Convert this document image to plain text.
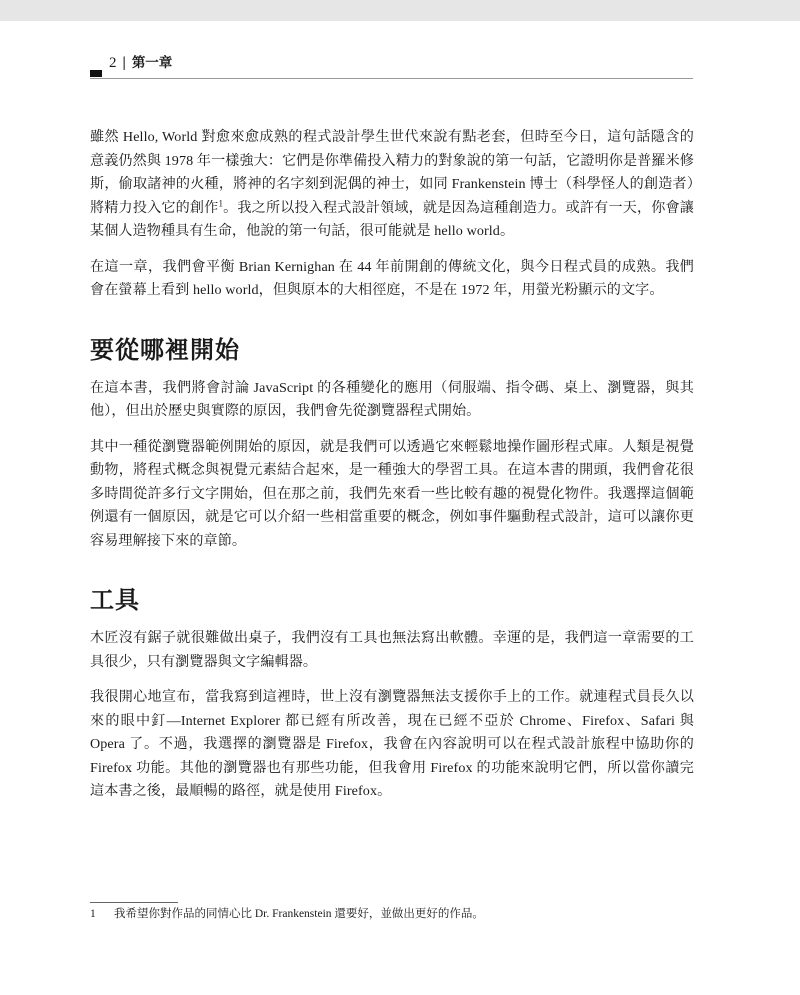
2 | 第一章

雖然 Hello, World 對愈來愈成熟的程式設計學生世代來說有點老套，但時至今日，這句話隱含的意義仍然與 1978 年一樣強大：它們是你準備投入精力的對象說的第一句話，它證明你是普羅米修斯，偷取諸神的火種，將神的名字刻到泥偶的神士，如同 Frankenstein 博士（科學怪人的創造者）將精力投入它的創作$^1$。我之所以投入程式設計領域，就是因為這種創造力。或許有一天，你會讓某個人造物種具有生命，他說的第一句話，很可能就是 hello world。

在這一章，我們會平衡 Brian Kernighan 在 44 年前開創的傳統文化，與今日程式員的成熟。我們會在螢幕上看到 hello world，但與原本的大相徑庭，不是在 1972 年，用螢光粉顯示的文字。

要從哪裡開始

在這本書，我們將會討論 JavaScript 的各種變化的應用（伺服端、指令碼、桌上、瀏覽器，與其他），但出於歷史與實際的原因，我們會先從瀏覽器程式開始。

其中一種從瀏覽器範例開始的原因，就是我們可以透過它來輕鬆地操作圖形程式庫。人類是視覺動物，將程式概念與視覺元素結合起來，是一種強大的學習工具。在這本書的開頭，我們會花很多時間從許多行文字開始，但在那之前，我們先來看一些比較有趣的視覺化物件。我選擇這個範例還有一個原因，就是它可以介紹一些相當重要的概念，例如事件驅動程式設計，這可以讓你更容易理解接下來的章節。

工具

木匠沒有鋸子就很難做出桌子，我們沒有工具也無法寫出軟體。幸運的是，我們這一章需要的工具很少，只有瀏覽器與文字編輯器。

我很開心地宣布，當我寫到這裡時，世上沒有瀏覽器無法支援你手上的工作。就連程式員長久以來的眼中釘—Internet Explorer 都已經有所改善，現在已經不亞於 Chrome、Firefox、Safari 與 Opera 了。不過，我選擇的瀏覽器是 Firefox，我會在內容說明可以在程式設計旅程中協助你的 Firefox 功能。其他的瀏覽器也有那些功能，但我會用 Firefox 的功能來說明它們，所以當你讀完這本書之後，最順暢的路徑，就是使用 Firefox。

1 我希望你對作品的同情心比 Dr. Frankenstein 還要好，並做出更好的作品。
